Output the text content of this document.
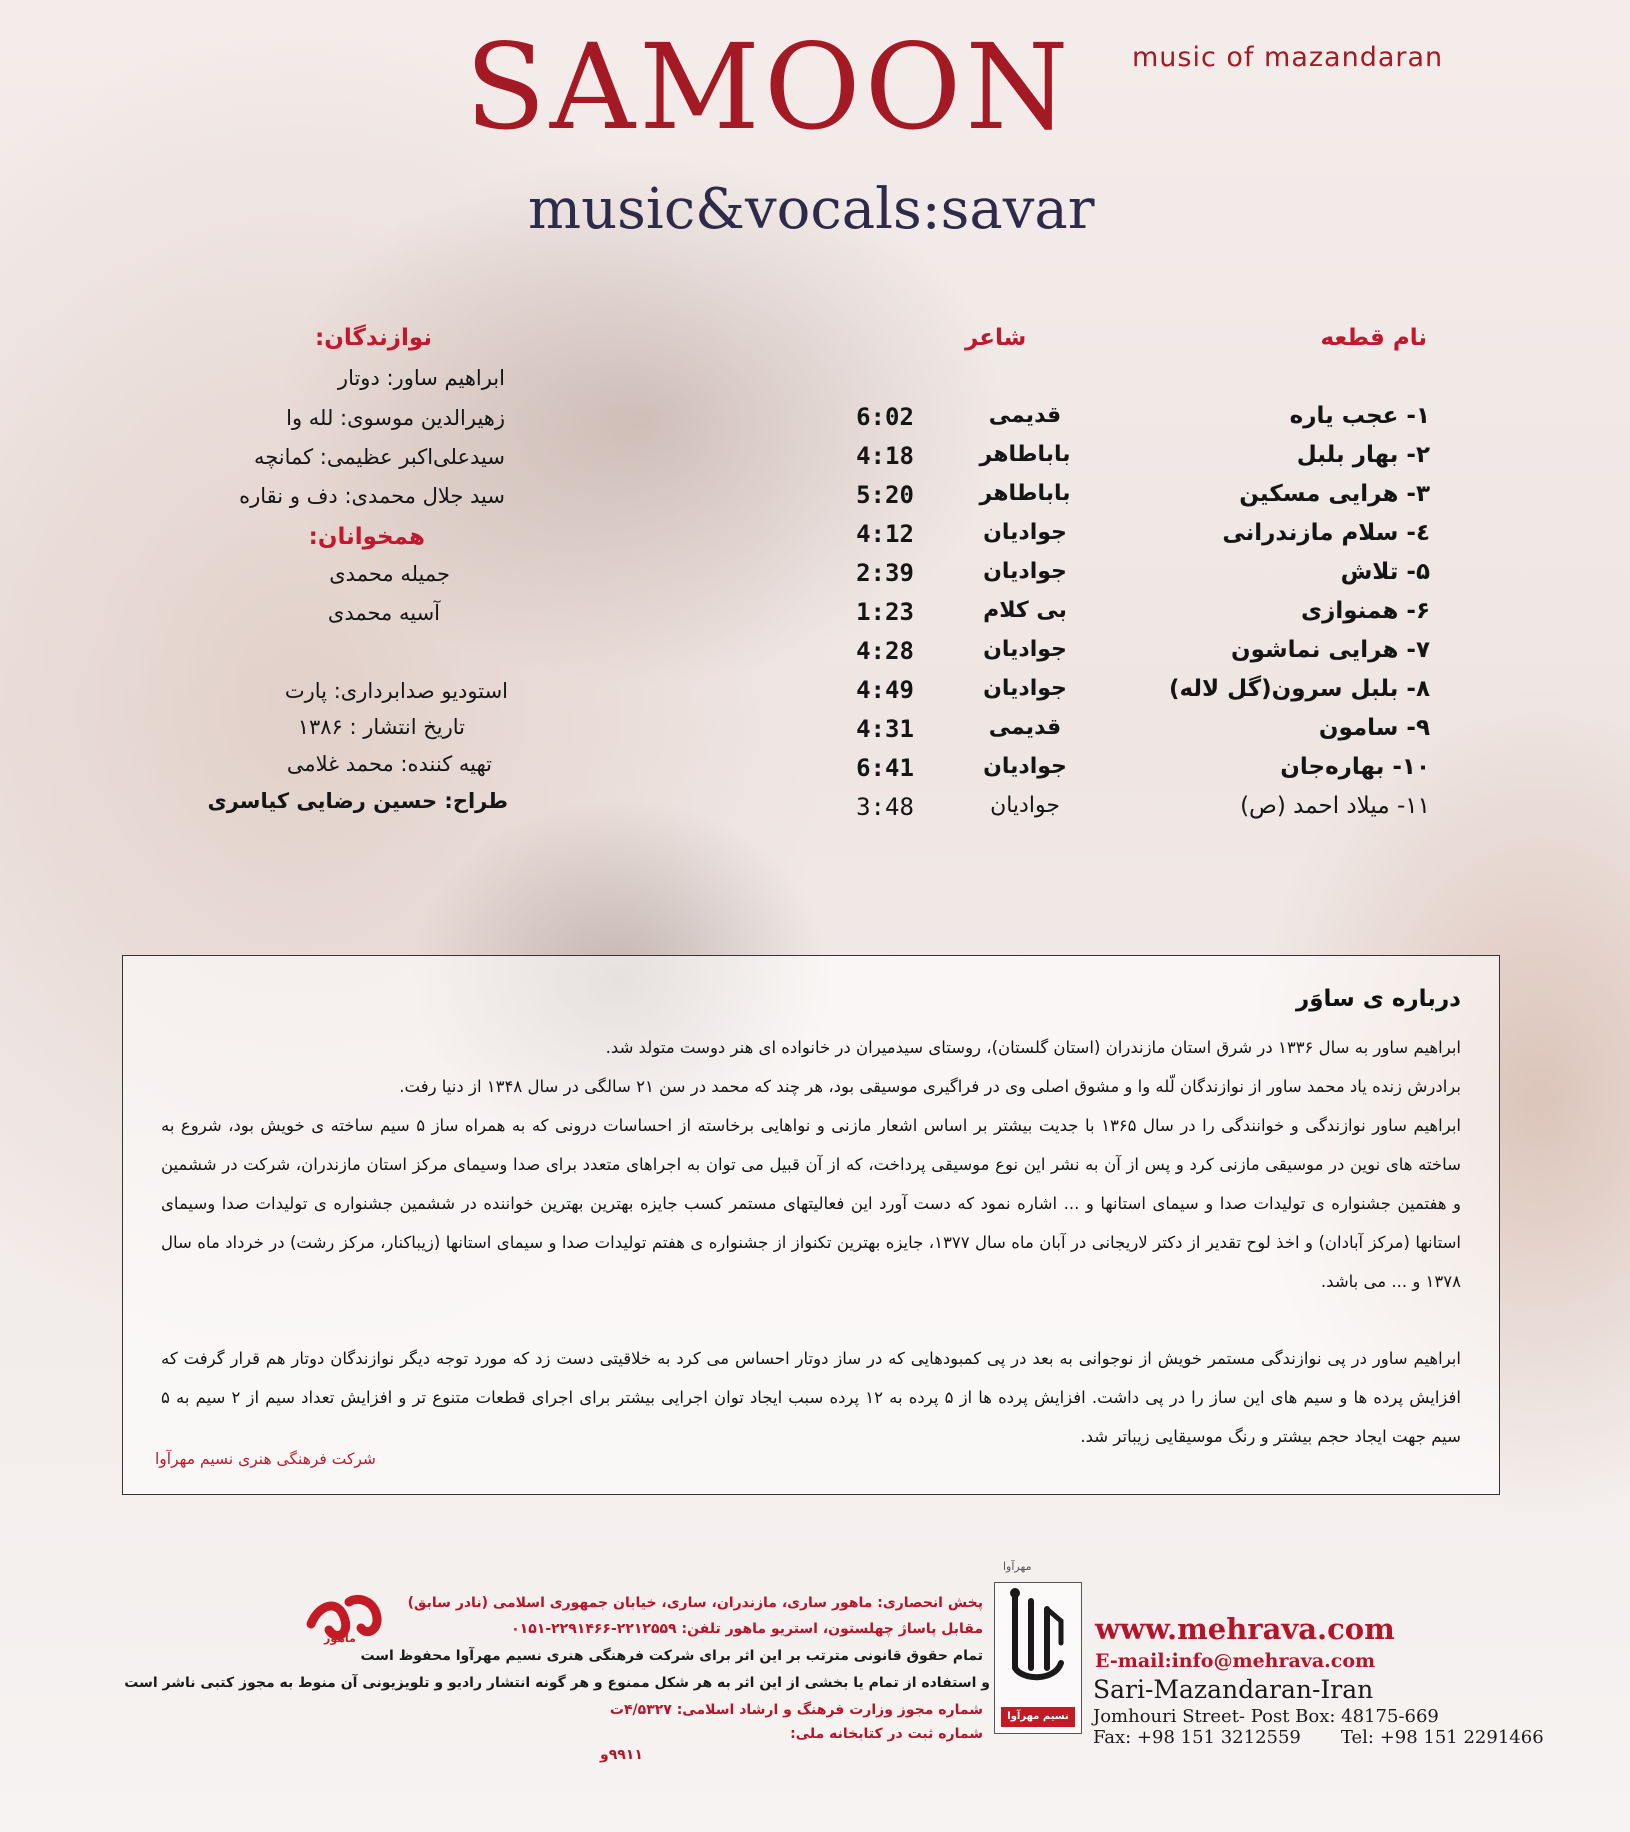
SAMOON music of mazandaran
music&vocals:savar
نام قطعه
شاعر
نوازندگان:
۱- عجب یاره
۲- بهار بلبل
۳- هرایی مسکین
٤- سلام مازندرانی
۵- تلاش
۶- همنوازی
۷- هرایی نماشون
۸- بلبل سرون(گل لاله)
۹- سامون
۱۰- بهاره‌جان
۱۱- میلاد احمد (ص)
قدیمی
باباطاهر
باباطاهر
جوادیان
جوادیان
بی کلام
جوادیان
جوادیان
قدیمی
جوادیان
جوادیان
6:02
4:18
5:20
4:12
2:39
1:23
4:28
4:49
4:31
6:41
3:48
ابراهیم ساور: دوتار
زهیرالدین موسوی: لله وا
سیدعلی‌اکبر عظیمی: کمانچه
سید جلال محمدی: دف و نقاره
همخوانان:
جمیله محمدی
آسیه محمدی
استودیو صدابرداری: پارت
تاریخ انتشار : ۱۳۸۶
تهیه کننده: محمد غلامی
طراح: حسین رضایی کیاسری
درباره ی ساوَر

ابراهیم ساور به سال ۱۳۳۶ در شرق استان مازندران (استان گلستان)، روستای سیدمیران در خانواده ای هنر دوست متولد شد.

برادرش زنده یاد محمد ساور از نوازندگان لّله وا و مشوق اصلی وی در فراگیری موسیقی بود، هر چند که محمد در سن ۲۱ سالگی در سال ۱۳۴۸ از دنیا رفت.

ابراهیم ساور نوازندگی و خوانندگی را در سال ۱۳۶۵ با جدیت بیشتر بر اساس اشعار مازنی و نواهایی برخاسته از احساسات درونی که به همراه ساز ۵ سیم ساخته ی خویش بود، شروع به ساخته های نوین در موسیقی مازنی کرد و پس از آن به نشر این نوع موسیقی پرداخت، که از آن قبیل می توان به اجراهای متعدد برای صدا وسیمای مرکز استان مازندران، شرکت در ششمین و هفتمین جشنواره ی تولیدات صدا و سیمای استانها و ... اشاره نمود که دست آورد این فعالیتهای مستمر کسب جایزه بهترین بهترین خواننده در ششمین جشنواره ی تولیدات صدا وسیمای استانها (مرکز آبادان) و اخذ لوح تقدیر از دکتر لاریجانی در آبان ماه سال ۱۳۷۷، جایزه بهترین تکنواز از جشنواره ی هفتم تولیدات صدا و سیمای استانها (زیباکنار، مرکز رشت) در خرداد ماه سال ۱۳۷۸ و ... می باشد.

ابراهیم ساور در پی نوازندگی مستمر خویش از نوجوانی به بعد در پی کمبودهایی که در ساز دوتار احساس می کرد به خلاقیتی دست زد که مورد توجه دیگر نوازندگان دوتار هم قرار گرفت که افزایش پرده ها و سیم های این ساز را در پی داشت. افزایش پرده ها از ۵ پرده به ۱۲ پرده سبب ایجاد توان اجرایی بیشتر برای اجرای قطعات متنوع تر و افزایش تعداد سیم از ۲ سیم به ۵ سیم جهت ایجاد حجم بیشتر و رنگ موسیقایی زیباتر شد.

شرکت فرهنگی هنری نسیم مهرآوا
ماهور
پخش انحصاری: ماهور ساری، مازندران، ساری، خیابان جمهوری اسلامی (نادر سابق)
مقابل پاساژ چهلستون، استریو ماهور تلفن: ۲۲۱۲۵۵۹-۲۲۹۱۴۶۶-۰۱۵۱
تمام حقوق قانونی مترتب بر این اثر برای شرکت فرهنگی هنری نسیم مهرآوا محفوظ است
و استفاده از تمام یا بخشی از این اثر به هر شکل ممنوع و هر گونه انتشار رادیو و تلویزیونی آن منوط به مجوز کتبی ناشر است
شماره مجوز وزارت فرهنگ و ارشاد اسلامی: ۴/۵۳۲۷ت
شماره ثبت در کتابخانه ملی:
۹۹۱۱و
نسیم مهرآوا
مهرآوا
www.mehrava.com
E-mail:info@mehrava.com
Sari-Mazandaran-Iran
Jomhouri Street- Post Box: 48175-669
Fax: +98 151 3212559 Tel: +98 151 2291466
